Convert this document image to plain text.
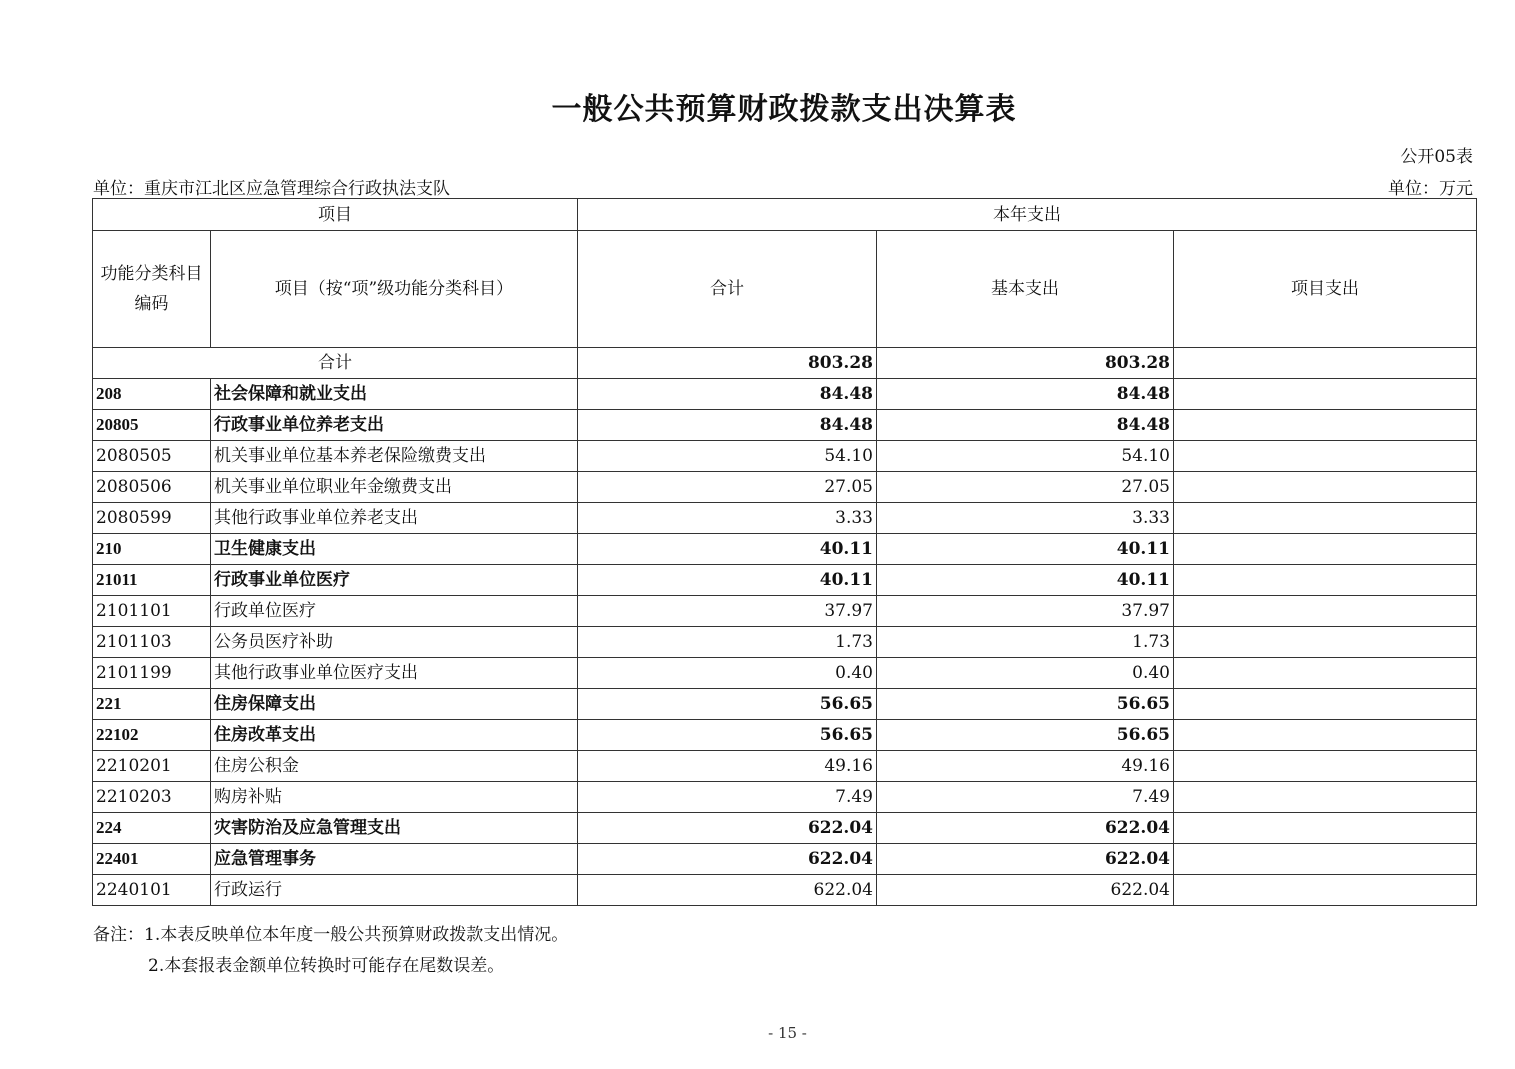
一般公共预算财政拨款支出决算表
公开05表
单位：重庆市江北区应急管理综合行政执法支队	单位：万元
项目		本年支出		
功能分类科目编码	项目（按“项”级功能分类科目）	合计	基本支出	项目支出
合计		803.28	803.28	
208	社会保障和就业支出	84.48	84.48	
20805	行政事业单位养老支出	84.48	84.48	
2080505	机关事业单位基本养老保险缴费支出	54.10	54.10	
2080506	机关事业单位职业年金缴费支出	27.05	27.05	
2080599	其他行政事业单位养老支出	3.33	3.33	
210	卫生健康支出	40.11	40.11	
21011	行政事业单位医疗	40.11	40.11	
2101101	行政单位医疗	37.97	37.97	
2101103	公务员医疗补助	1.73	1.73	
2101199	其他行政事业单位医疗支出	0.40	0.40	
221	住房保障支出	56.65	56.65	
22102	住房改革支出	56.65	56.65	
2210201	住房公积金	49.16	49.16	
2210203	购房补贴	7.49	7.49	
224	灾害防治及应急管理支出	622.04	622.04	
22401	应急管理事务	622.04	622.04	
2240101	行政运行	622.04	622.04	
备注：1.本表反映单位本年度一般公共预算财政拨款支出情况。
2.本套报表金额单位转换时可能存在尾数误差。
- 15 -
